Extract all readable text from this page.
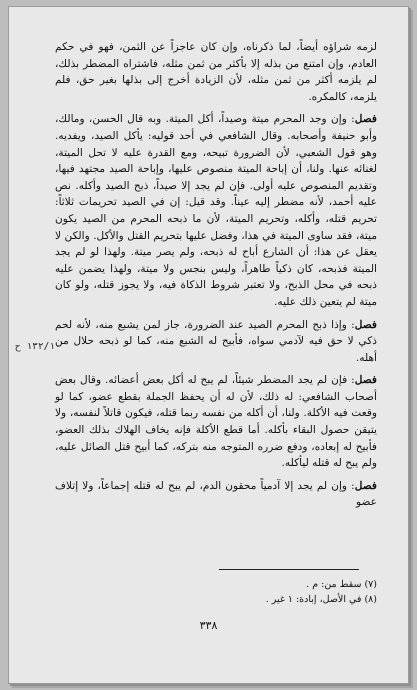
لزمه شراؤه أيضاً، لما ذكرناه، وإن كان عاجزاً عن الثمن، فهو في حكم العادم، وإن امتنع من بذله إلا بأكثر من ثمن مثله، فاشتراه المضطر بذلك، لم يلزمه أكثر من ثمن مثله، لأن الزيادة أخرج إلى بذلها بغير حق، فلم يلزمه، كالمكره.

فصل: وإن وجد المحرم ميتة وصيداً، أكل الميتة. وبه قال الحسن، ومالك، وأبو حنيفة وأصحابه. وقال الشافعي في أحد قوليه: يأكل الصيد، ويفديه. وهو قول الشعبي، لأن الضرورة تبيحه، ومع القدرة عليه لا تحل الميتة، لغنائه عنها. ولنا، أن إباحة الميتة منصوص عليها، وإباحة الصيد مجتهد فيها، وتقديم المنصوص عليه أولى. فإن لم يجد إلا صيداً، ذبح الصيد وأكله. نص عليه أحمد، لأنه مضطر إليه عيناً. وقد قيل: إن في الصيد تحريمات ثلاثاً: تحريم قتله، وأكله، وتحريم الميتة، لأن ما ذبحه المحرم من الصيد يكون ميتة، فقد ساوى الميتة في هذا، وفضل عليها بتحريم القتل والأكل. والكن لا يعقل عن هذا: أن الشارع أباح له ذبحه، ولم يصر ميتة. ولهذا لو لم يجد الميتة فذبحه، كان ذكياً طاهراً، وليس بنجس ولا ميتة، ولهذا يضمن عليه ذبحه في محل الذبح، ولا تعتبر شروط الذكاة فيه، ولا يجوز قتله، ولو كان ميتة لم يتعين ذلك عليه.

فصل: وإذا ذبح المحرم الصيد عند الضرورة، جاز لمن يشبع منه، لأنه لحم ذكي لا حق فيه لآدمي سواه، فأبيح له الشبع منه، كما لو ذبحه حلال من أهله.

فصل: فإن لم يجد المضطر شيئاً، لم يبح له أكل بعض أعضائه. وقال بعض أصحاب الشافعي: له ذلك، لأن له أن يحفظ الجملة بقطع عضو، كما لو وقعت فيه الأكلة. ولنا، أن أكله من نفسه ربما قتله، فيكون قاتلاً لنفسه، ولا يتيقن حصول البقاء بأكله. أما قطع الأكلة فإنه يخاف الهلاك بذلك العضو، فأبيح له إبعاده، ودفع ضرره المتوجه منه بتركه، كما أبيح قتل الصائل عليه، ولم يبح له قتله ليأكله.

فصل: وإن لم يجد إلا آدمياً محقون الدم، لم يبح له قتله إجماعاً، ولا إتلاف عضو

١٣٢/١٠ ح
(٧) سقط من: م .
(٨) في الأصل، إبادة: ١ غير .
٣٣٨
